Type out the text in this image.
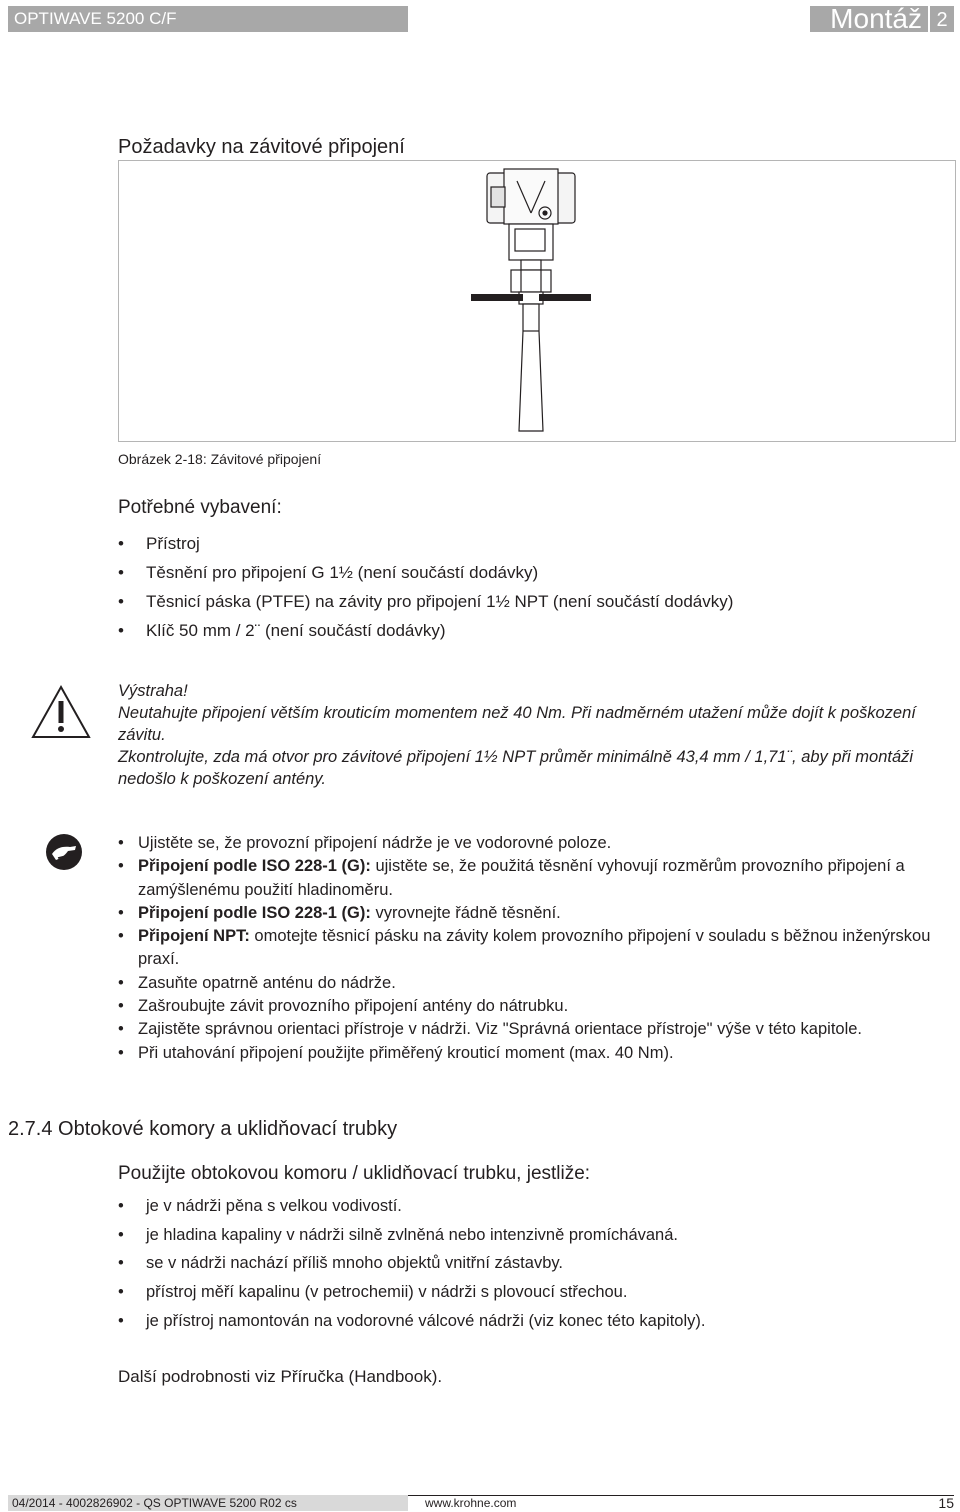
OPTIWAVE 5200 C/F	Montáž 2
Požadavky na závitové připojení
Obrázek 2-18: Závitové připojení
Potřebné vybavení:
• Přístroj
• Těsnění pro připojení G 1½ (není součástí dodávky)
• Těsnicí páska (PTFE) na závity pro připojení 1½ NPT (není součástí dodávky)
• Klíč 50 mm / 2¨ (není součástí dodávky)

Výstraha!

Neutahujte připojení větším krouticím momentem než 40 Nm. Při nadměrném utažení může dojít k poškození závitu.

Zkontrolujte, zda má otvor pro závitové připojení 1½ NPT průměr minimálně 43,4 mm / 1,71¨, aby při montáži nedošlo k poškození antény.

• Ujistěte se, že provozní připojení nádrže je ve vodorovné poloze.
• Připojení podle ISO 228-1 (G): ujistěte se, že použitá těsnění vyhovují rozměrům provozního připojení a zamýšlenému použití hladinoměru.
• Připojení podle ISO 228-1 (G): vyrovnejte řádně těsnění.
• Připojení NPT: omotejte těsnicí pásku na závity kolem provozního připojení v souladu s běžnou inženýrskou praxí.
• Zasuňte opatrně anténu do nádrže.
• Zašroubujte závit provozního připojení antény do nátrubku.
• Zajistěte správnou orientaci přístroje v nádrži. Viz "Správná orientace přístroje" výše v této kapitole.
• Při utahování připojení použijte přiměřený krouticí moment (max. 40 Nm).
2.7.4 Obtokové komory a uklidňovací trubky
Použijte obtokovou komoru / uklidňovací trubku, jestliže:
• je v nádrži pěna s velkou vodivostí.
• je hladina kapaliny v nádrži silně zvlněná nebo intenzivně promíchávaná.
• se v nádrži nachází příliš mnoho objektů vnitřní zástavby.
• přístroj měří kapalinu (v petrochemii) v nádrži s plovoucí střechou.
• je přístroj namontován na vodorovné válcové nádrži (viz konec této kapitoly).
Další podrobnosti viz Příručka (Handbook).
04/2014 - 4002826902 - QS OPTIWAVE 5200 R02 cs	www.krohne.com	15
